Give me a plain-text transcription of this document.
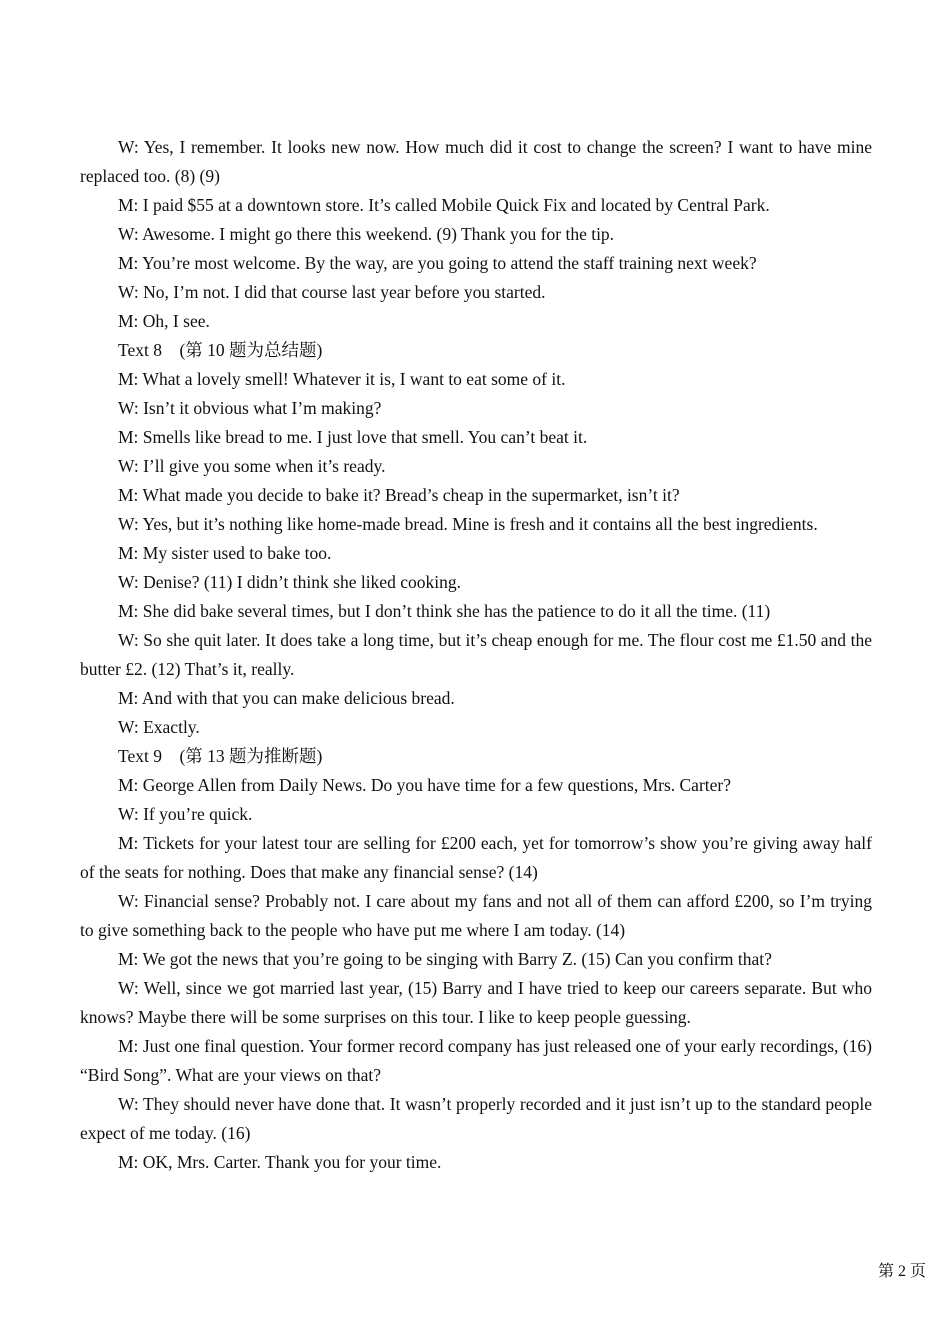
W: Yes, I remember. It looks new now. How much did it cost to change the screen? I want to have mine replaced too. (8) (9)

M: I paid $55 at a downtown store. It’s called Mobile Quick Fix and located by Central Park.

W: Awesome. I might go there this weekend. (9) Thank you for the tip.

M: You’re most welcome. By the way, are you going to attend the staff training next week?

W: No, I’m not. I did that course last year before you started.

M: Oh, I see.

Text 8　(第 10 题为总结题)

M: What a lovely smell! Whatever it is, I want to eat some of it.

W: Isn’t it obvious what I’m making?

M: Smells like bread to me. I just love that smell. You can’t beat it.

W: I’ll give you some when it’s ready.

M: What made you decide to bake it? Bread’s cheap in the supermarket, isn’t it?

W: Yes, but it’s nothing like home-made bread. Mine is fresh and it contains all the best ingredients.

M: My sister used to bake too.

W: Denise? (11) I didn’t think she liked cooking.

M: She did bake several times, but I don’t think she has the patience to do it all the time. (11)

W: So she quit later. It does take a long time, but it’s cheap enough for me. The flour cost me £1.50 and the butter £2. (12) That’s it, really.

M: And with that you can make delicious bread.

W: Exactly.

Text 9　(第 13 题为推断题)

M: George Allen from Daily News. Do you have time for a few questions, Mrs. Carter?

W: If you’re quick.

M: Tickets for your latest tour are selling for £200 each, yet for tomorrow’s show you’re giving away half of the seats for nothing. Does that make any financial sense? (14)

W: Financial sense? Probably not. I care about my fans and not all of them can afford £200, so I’m trying to give something back to the people who have put me where I am today. (14)

M: We got the news that you’re going to be singing with Barry Z. (15) Can you confirm that?

W: Well, since we got married last year, (15) Barry and I have tried to keep our careers separate. But who knows? Maybe there will be some surprises on this tour. I like to keep people guessing.

M: Just one final question. Your former record company has just released one of your early recordings, (16) “Bird Song”. What are your views on that?

W: They should never have done that. It wasn’t properly recorded and it just isn’t up to the standard people expect of me today. (16)

M: OK, Mrs. Carter. Thank you for your time.

第 2 页
